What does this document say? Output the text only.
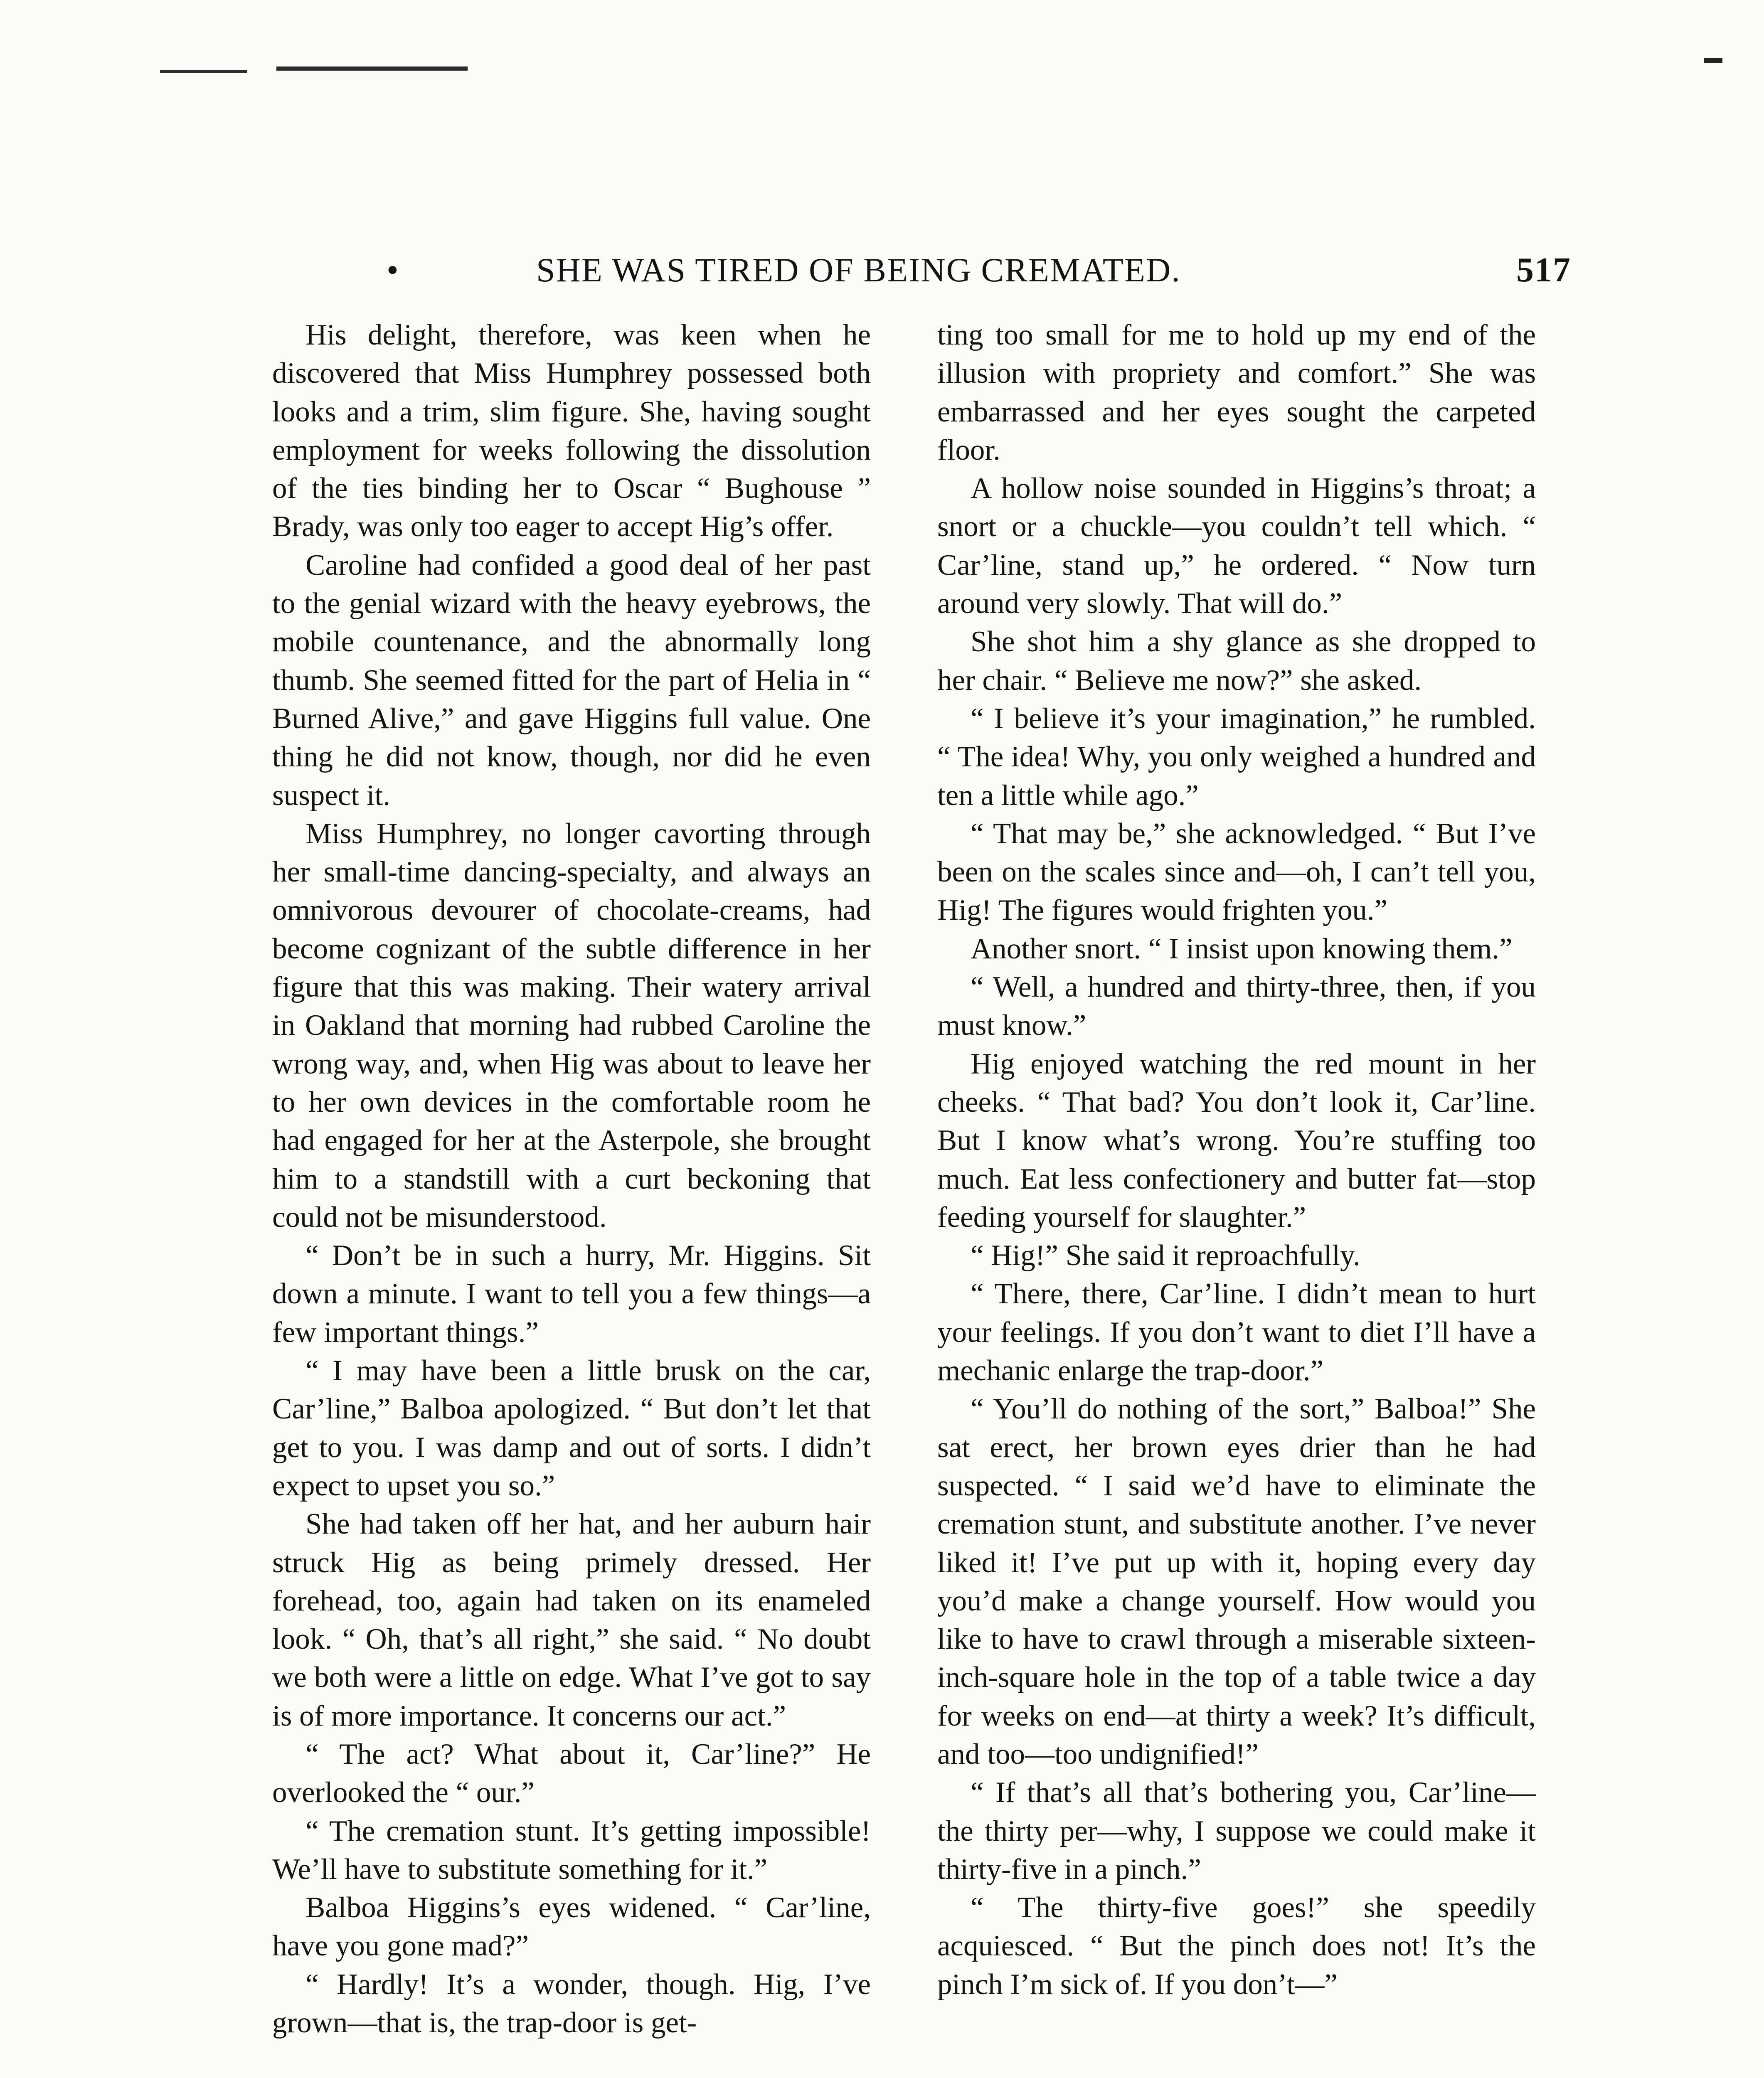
•	SHE WAS TIRED OF BEING CREMATED.	517

His delight, therefore, was keen when he discovered that Miss Humphrey possessed both looks and a trim, slim figure. She, having sought employment for weeks following the dissolution of the ties binding her to Oscar “ Bughouse ” Brady, was only too eager to accept Hig’s offer.

Caroline had confided a good deal of her past to the genial wizard with the heavy eyebrows, the mobile countenance, and the abnormally long thumb. She seemed fitted for the part of Helia in “ Burned Alive,” and gave Higgins full value. One thing he did not know, though, nor did he even suspect it.

Miss Humphrey, no longer cavorting through her small-time dancing-specialty, and always an omnivorous devourer of chocolate-creams, had become cognizant of the subtle difference in her figure that this was making. Their watery arrival in Oakland that morning had rubbed Caroline the wrong way, and, when Hig was about to leave her to her own devices in the comfortable room he had engaged for her at the Asterpole, she brought him to a standstill with a curt beckoning that could not be misunderstood.

“ Don’t be in such a hurry, Mr. Higgins. Sit down a minute. I want to tell you a few things—a few important things.”

“ I may have been a little brusk on the car, Car’line,” Balboa apologized. “ But don’t let that get to you. I was damp and out of sorts. I didn’t expect to upset you so.”

She had taken off her hat, and her auburn hair struck Hig as being primely dressed. Her forehead, too, again had taken on its enameled look. “ Oh, that’s all right,” she said. “ No doubt we both were a little on edge. What I’ve got to say is of more importance. It concerns our act.”

“ The act? What about it, Car’line?” He overlooked the “ our.”

“ The cremation stunt. It’s getting impossible! We’ll have to substitute something for it.”

Balboa Higgins’s eyes widened. “ Car’line, have you gone mad?”

“ Hardly! It’s a wonder, though. Hig, I’ve grown—that is, the trap-door is get-

ting too small for me to hold up my end of the illusion with propriety and comfort.” She was embarrassed and her eyes sought the carpeted floor.

A hollow noise sounded in Higgins’s throat; a snort or a chuckle—you couldn’t tell which. “ Car’line, stand up,” he ordered. “ Now turn around very slowly. That will do.”

She shot him a shy glance as she dropped to her chair. “ Believe me now?” she asked.

“ I believe it’s your imagination,” he rumbled. “ The idea! Why, you only weighed a hundred and ten a little while ago.”

“ That may be,” she acknowledged. “ But I’ve been on the scales since and—oh, I can’t tell you, Hig! The figures would frighten you.”

Another snort. “ I insist upon knowing them.”

“ Well, a hundred and thirty-three, then, if you must know.”

Hig enjoyed watching the red mount in her cheeks. “ That bad? You don’t look it, Car’line. But I know what’s wrong. You’re stuffing too much. Eat less confectionery and butter fat—stop feeding yourself for slaughter.”

“ Hig!” She said it reproachfully.

“ There, there, Car’line. I didn’t mean to hurt your feelings. If you don’t want to diet I’ll have a mechanic enlarge the trap-door.”

“ You’ll do nothing of the sort,” Balboa!” She sat erect, her brown eyes drier than he had suspected. “ I said we’d have to eliminate the cremation stunt, and substitute another. I’ve never liked it! I’ve put up with it, hoping every day you’d make a change yourself. How would you like to have to crawl through a miserable sixteen-inch-square hole in the top of a table twice a day for weeks on end—at thirty a week? It’s difficult, and too—too undignified!”

“ If that’s all that’s bothering you, Car’line—the thirty per—why, I suppose we could make it thirty-five in a pinch.”

“ The thirty-five goes!” she speedily acquiesced. “ But the pinch does not! It’s the pinch I’m sick of. If you don’t—”
